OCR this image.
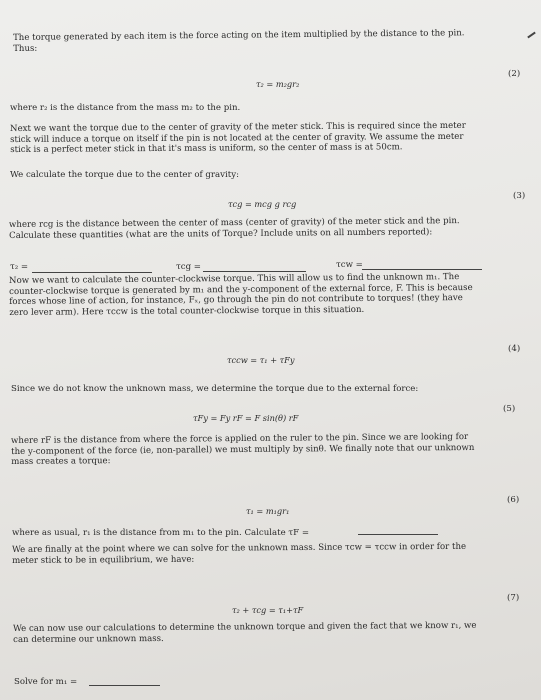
The torque generated by each item is the force acting on the item multiplied by the distance to the pin.
Thus:
τ₂ = m₂gr₂
(2)
where r₂ is the distance from the mass m₂ to the pin.
Next we want the torque due to the center of gravity of the meter stick. This is required since the meter
stick will induce a torque on itself if the pin is not located at the center of gravity. We assume the meter
stick is a perfect meter stick in that it's mass is uniform, so the center of mass is at 50cm.
We calculate the torque due to the center of gravity:
τcg = mcg g rcg
(3)
where rcg is the distance between the center of mass (center of gravity) of the meter stick and the pin.
Calculate these quantities (what are the units of Torque? Include units on all numbers reported):
τ₂ =	τcg =	τcw =
Now we want to calculate the counter-clockwise torque. This will allow us to find the unknown m₁. The
counter-clockwise torque is generated by m₁ and the y-component of the external force, F. This is because
forces whose line of action, for instance, Fₓ, go through the pin do not contribute to torques! (they have
zero lever arm). Here τccw is the total counter-clockwise torque in this situation.
τccw = τ₁ + τFy
(4)
Since we do not know the unknown mass, we determine the torque due to the external force:
τFy = Fy rF = F sin(θ) rF
(5)
where rF is the distance from where the force is applied on the ruler to the pin. Since we are looking for
the y-component of the force (ie, non-parallel) we must multiply by sinθ. We finally note that our unknown
mass creates a torque:
τ₁ = m₁gr₁
(6)
where as usual, r₁ is the distance from m₁ to the pin. Calculate τF =
We are finally at the point where we can solve for the unknown mass. Since τcw = τccw in order for the
meter stick to be in equilibrium, we have:
τ₂ + τcg = τ₁+τF
(7)
We can now use our calculations to determine the unknown torque and given the fact that we know r₁, we
can determine our unknown mass.
Solve for m₁ =
